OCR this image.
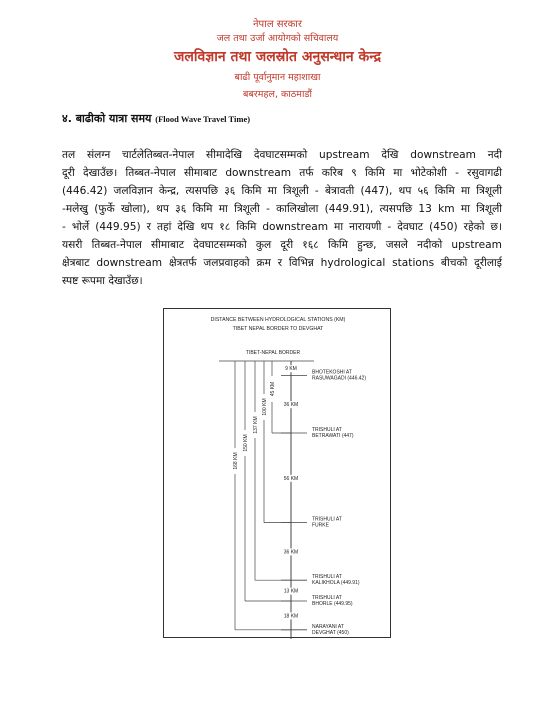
नेपाल सरकार
जल तथा उर्जा आयोगको सचिवालय
जलविज्ञान तथा जलस्रोत अनुसन्धान केन्द्र
बाढी पूर्वानुमान महाशाखा
बबरमहल, काठमाडौं
४. बाढीको यात्रा समय (Flood Wave Travel Time)
तल संलग्न चार्टलेतिब्बत-नेपाल सीमादेखि देवघाटसम्मको upstream देखि downstream नदी
दूरी देखाउँछ। तिब्बत-नेपाल सीमाबाट downstream तर्फ करिब ९ किमि मा भोटेकोशी - रसुवागढी
(446.42) जलविज्ञान केन्द्र, त्यसपछि ३६ किमि मा त्रिशूली - बेत्रावती (447), थप ५६ किमि मा त्रिशूली
-मलेखु (फुर्के खोला), थप ३६ किमि मा त्रिशूली - कालिखोला (449.91), त्यसपछि 13 km मा त्रिशूली
- भोर्ले (449.95) र तहां देखि थप १८ किमि downstream मा नारायणी - देवघाट (450) रहेको छ।
यसरी तिब्बत-नेपाल सीमाबाट देवघाटसम्मको कुल दूरी १६८ किमि हुन्छ, जसले नदीको upstream
क्षेत्रबाट downstream क्षेत्रतर्फ जलप्रवाहको क्रम र विभिन्न hydrological stations बीचको दूरीलाई
स्पष्ट रूपमा देखाउँछ।
DISTANCE BETWEEN HYDROLOGICAL STATIONS (KM)
TIBET NEPAL BORDER TO DEVGHAT
TIBET-NEPAL BORDER
BHOTEKOSHI AT
RASUWAGADI (446.42)
TRISHULI AT
BETRAWATI (447)
TRISHULI AT
FURKE
TRISHULI AT
KALIKHOLA (449.91)
TRISHULI AT
BHORLE (449.95)
NARAYANI AT
DEVGHAT (450)
9 KM
36 KM
56 KM
36 KM
13 KM
18 KM
45 KM
100 KM
137 KM
150 KM
168 KM
